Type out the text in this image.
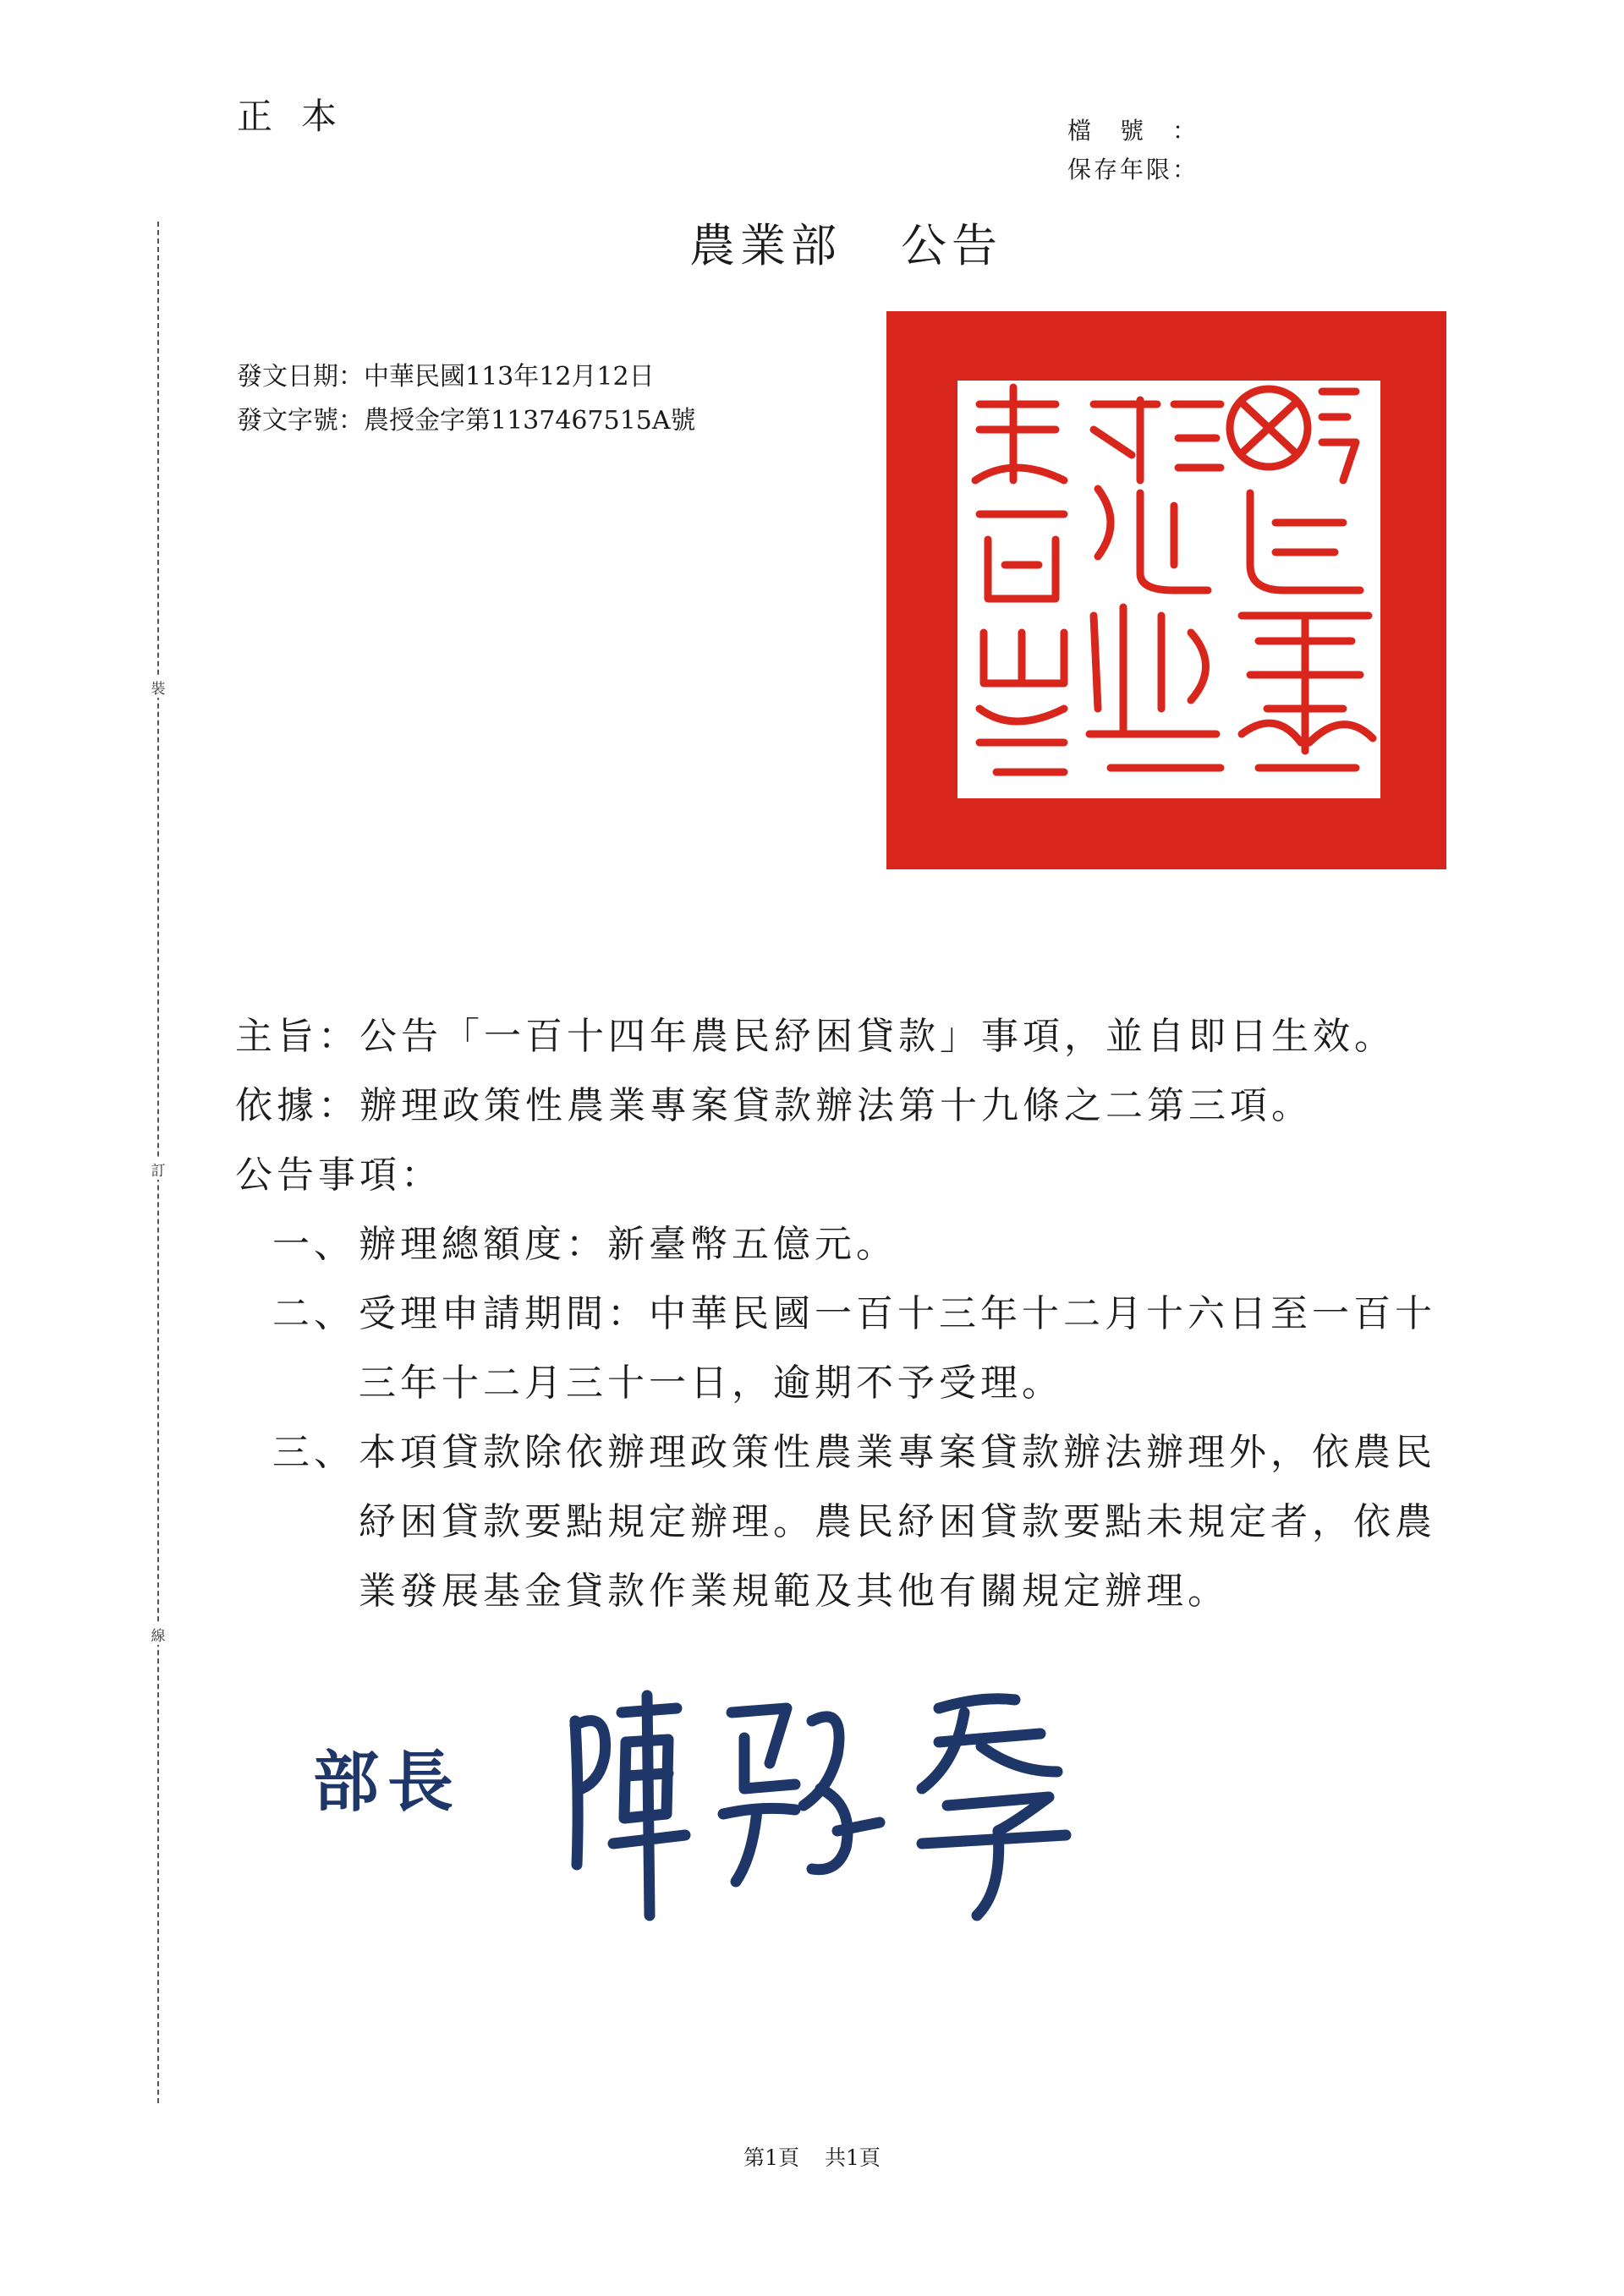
正本	檔號：
保存年限：
裝
訂
線
農業部 公告
發文日期：中華民國113年12月12日
發文字號：農授金字第1137467515A號
主旨：公告「一百十四年農民紓困貸款」事項，並自即日生效。
依據：辦理政策性農業專案貸款辦法第十九條之二第三項。
公告事項：
一、 辦理總額度：新臺幣五億元。
二、 受理申請期間：中華民國一百十三年十二月十六日至一百十
三年十二月三十一日，逾期不予受理。
三、 本項貸款除依辦理政策性農業專案貸款辦法辦理外，依農民
紓困貸款要點規定辦理。農民紓困貸款要點未規定者，依農
業發展基金貸款作業規範及其他有關規定辦理。
部長
第1頁 共1頁
